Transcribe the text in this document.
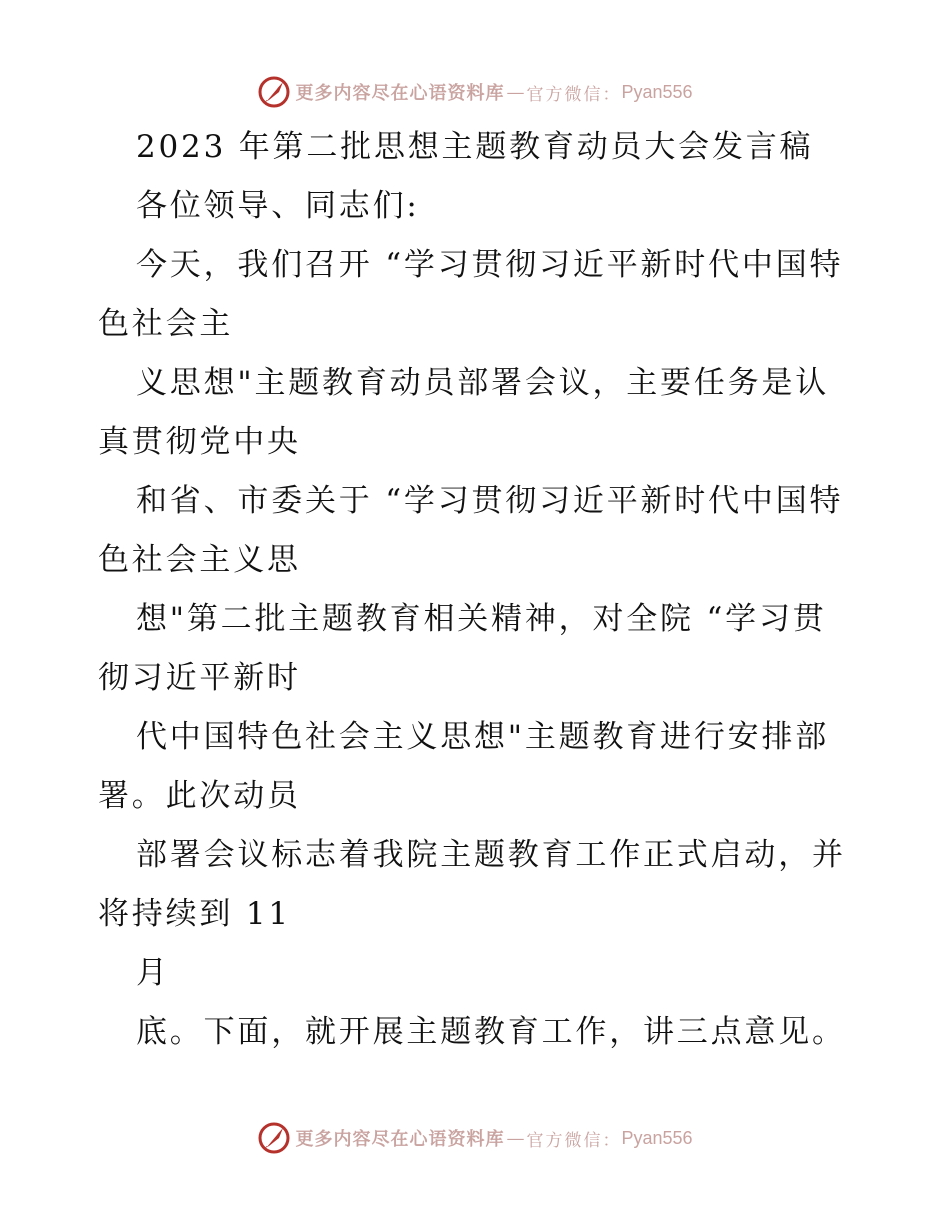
更多内容尽在心语资料库 — 官方微信： Pyan556

2023 年第二批思想主题教育动员大会发言稿

各位领导、同志们:

今天，我们召开 “学习贯彻习近平新时代中国特

色社会主

义思想"主题教育动员部署会议，主要任务是认

真贯彻党中央

和省、市委关于 “学习贯彻习近平新时代中国特

色社会主义思

想"第二批主题教育相关精神，对全院 “学习贯

彻习近平新时

代中国特色社会主义思想"主题教育进行安排部

署。此次动员

部署会议标志着我院主题教育工作正式启动，并

将持续到 11

月

底。下面，就开展主题教育工作，讲三点意见。

更多内容尽在心语资料库 — 官方微信： Pyan556
